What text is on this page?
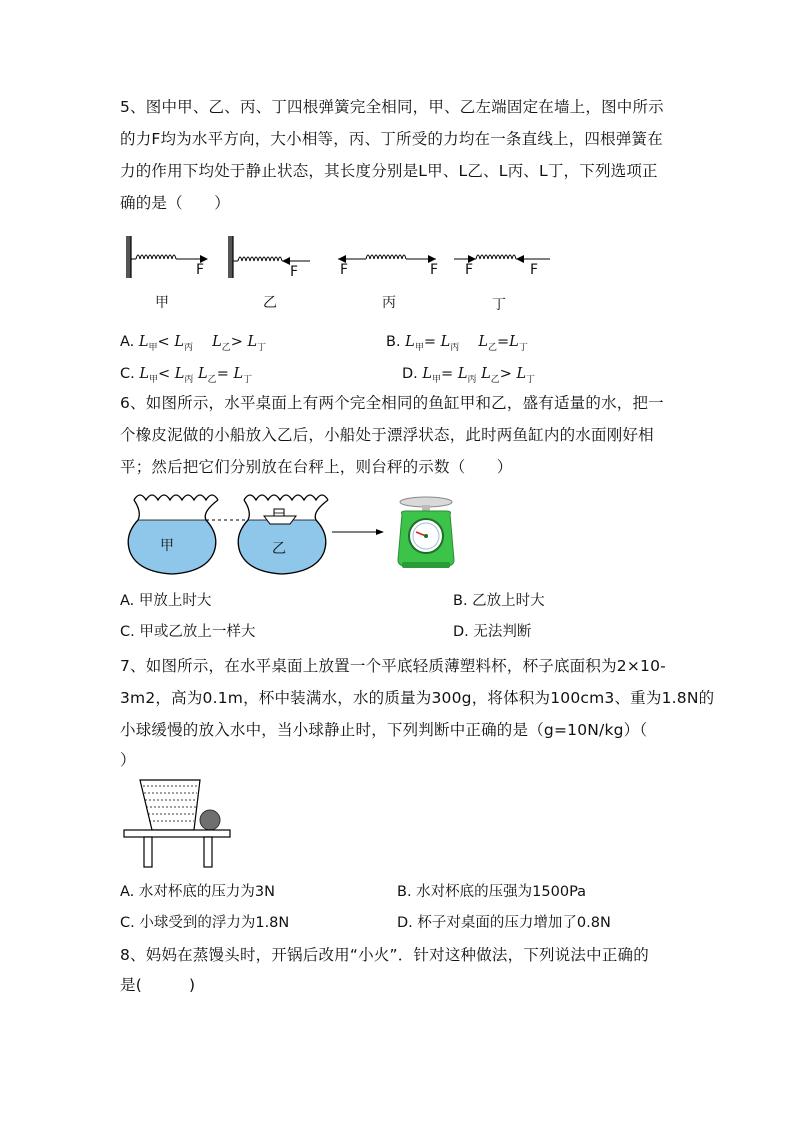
5、图中甲、乙、丙、丁四根弹簧完全相同，甲、乙左端固定在墙上，图中所示
的力F均为水平方向，大小相等，丙、丁所受的力均在一条直线上，四根弹簧在
力的作用下均处于静止状态，其长度分别是L甲、L乙、L丙、L丁，下列选项正
确的是（　　）
F	F	F	F F	F
甲	乙	丙	丁
A. $L_甲< L_丙$  $L_乙> L_丁$	B. $L_甲= L_丙$  $L_乙=L_丁$
C. $L_甲< L_丙$ $L_乙= L_丁$	D. $L_甲= L_丙$ $L_乙> L_丁$
6、如图所示，水平桌面上有两个完全相同的鱼缸甲和乙，盛有适量的水，把一
个橡皮泥做的小船放入乙后，小船处于漂浮状态，此时两鱼缸内的水面刚好相
平；然后把它们分别放在台秤上，则台秤的示数（　　）
甲	乙
A. 甲放上时大	B. 乙放上时大
C. 甲或乙放上一样大	D. 无法判断
7、如图所示，在水平桌面上放置一个平底轻质薄塑料杯，杯子底面积为2×10-
3m2，高为0.1m，杯中装满水，水的质量为300g，将体积为100cm3、重为1.8N的
小球缓慢的放入水中，当小球静止时，下列判断中正确的是（g=10N/kg）（
）
A. 水对杯底的压力为3N	B. 水对杯底的压强为1500Pa
C. 小球受到的浮力为1.8N	D. 杯子对桌面的压力增加了0.8N
8、妈妈在蒸馒头时，开锅后改用“小火”．针对这种做法，下列说法中正确的
是(　　　)
